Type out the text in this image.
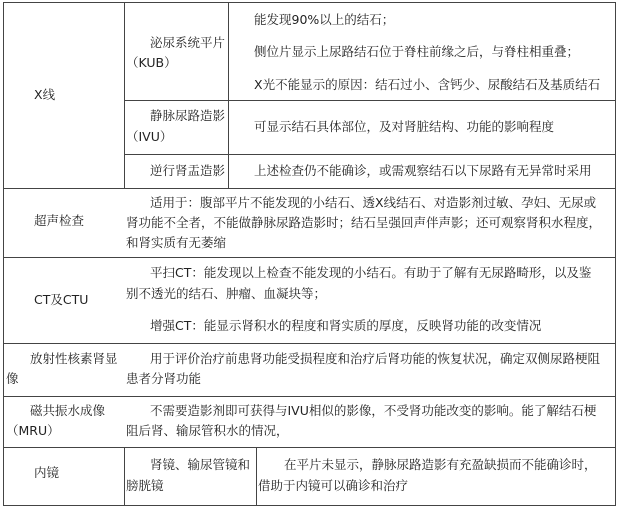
X线
泌尿系统平片
（KUB）
能发现90%以上的结石；
侧位片显示上尿路结石位于脊柱前缘之后，与脊柱相重叠；
X光不能显示的原因：结石过小、含钙少、尿酸结石及基质结石
静脉尿路造影
（IVU）
可显示结石具体部位，及对肾脏结构、功能的影响程度
逆行肾盂造影 上述检查仍不能确诊，或需观察结石以下尿路有无异常时采用
超声检查
适用于：腹部平片不能发现的小结石、透X线结石、对造影剂过敏、孕妇、无尿或
肾功能不全者，不能做静脉尿路造影时；结石呈强回声伴声影；还可观察肾积水程度，
和肾实质有无萎缩
CT及CTU
平扫CT：能发现以上检查不能发现的小结石。有助于了解有无尿路畸形，以及鉴
别不透光的结石、肿瘤、血凝块等；
增强CT：能显示肾积水的程度和肾实质的厚度，反映肾功能的改变情况
放射性核素肾显
像
用于评价治疗前患肾功能受损程度和治疗后肾功能的恢复状况，确定双侧尿路梗阻
患者分肾功能
磁共振水成像
（MRU）
不需要造影剂即可获得与IVU相似的影像，不受肾功能改变的影响。能了解结石梗
阻后肾、输尿管积水的情况，
内镜
肾镜、输尿管镜和
膀胱镜
在平片未显示，静脉尿路造影有充盈缺损而不能确诊时，
借助于内镜可以确诊和治疗
